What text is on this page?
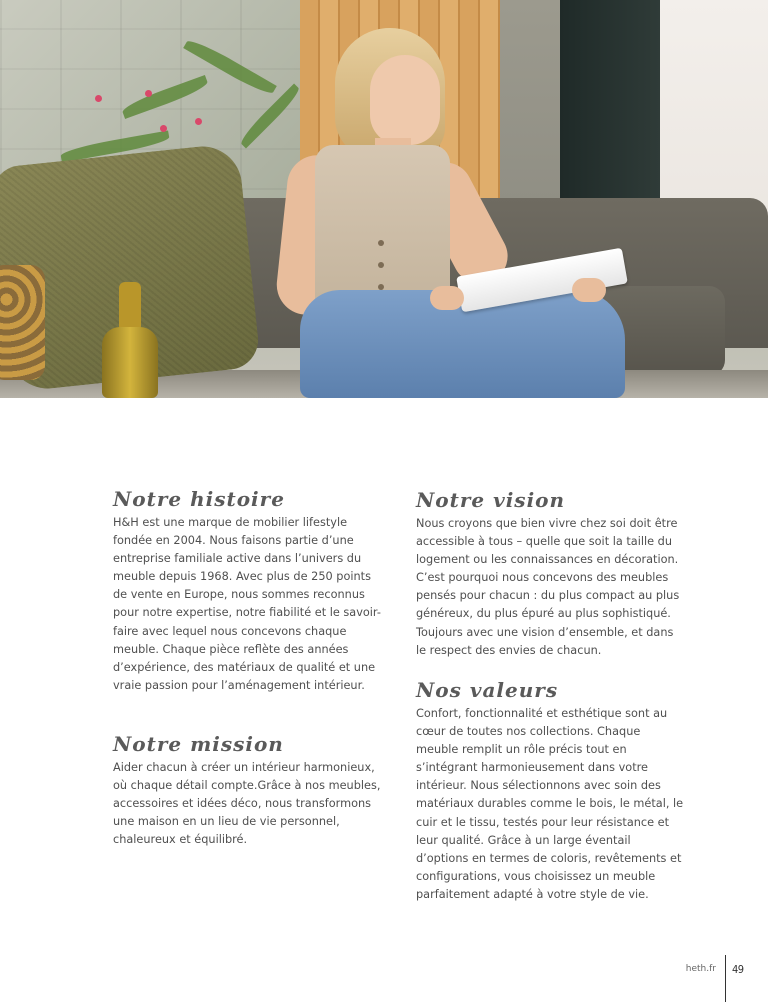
Notre histoire

H&H est une marque de mobilier lifestyle fondée en 2004. Nous faisons partie d’une entreprise familiale active dans l’univers du meuble depuis 1968. Avec plus de 250 points de vente en Europe, nous sommes reconnus pour notre expertise, notre fiabilité et le savoir-faire avec lequel nous concevons chaque meuble. Chaque pièce reflète des années d’expérience, des matériaux de qualité et une vraie passion pour l’aménagement intérieur.

Notre mission

Aider chacun à créer un intérieur harmonieux, où chaque détail compte.Grâce à nos meubles, accessoires et idées déco, nous transformons une maison en un lieu de vie personnel, chaleureux et équilibré.

Notre vision

Nous croyons que bien vivre chez soi doit être accessible à tous – quelle que soit la taille du logement ou les connaissances en décoration. C’est pourquoi nous concevons des meubles pensés pour chacun : du plus compact au plus généreux, du plus épuré au plus sophistiqué. Toujours avec une vision d’ensemble, et dans le respect des envies de chacun.

Nos valeurs

Confort, fonctionnalité et esthétique sont au cœur de toutes nos collections. Chaque meuble remplit un rôle précis tout en s’intégrant harmonieusement dans votre intérieur. Nous sélectionnons avec soin des matériaux durables comme le bois, le métal, le cuir et le tissu, testés pour leur résistance et leur qualité. Grâce à un large éventail d’options en termes de coloris, revêtements et configurations, vous choisissez un meuble parfaitement adapté à votre style de vie.

heth.fr 49
